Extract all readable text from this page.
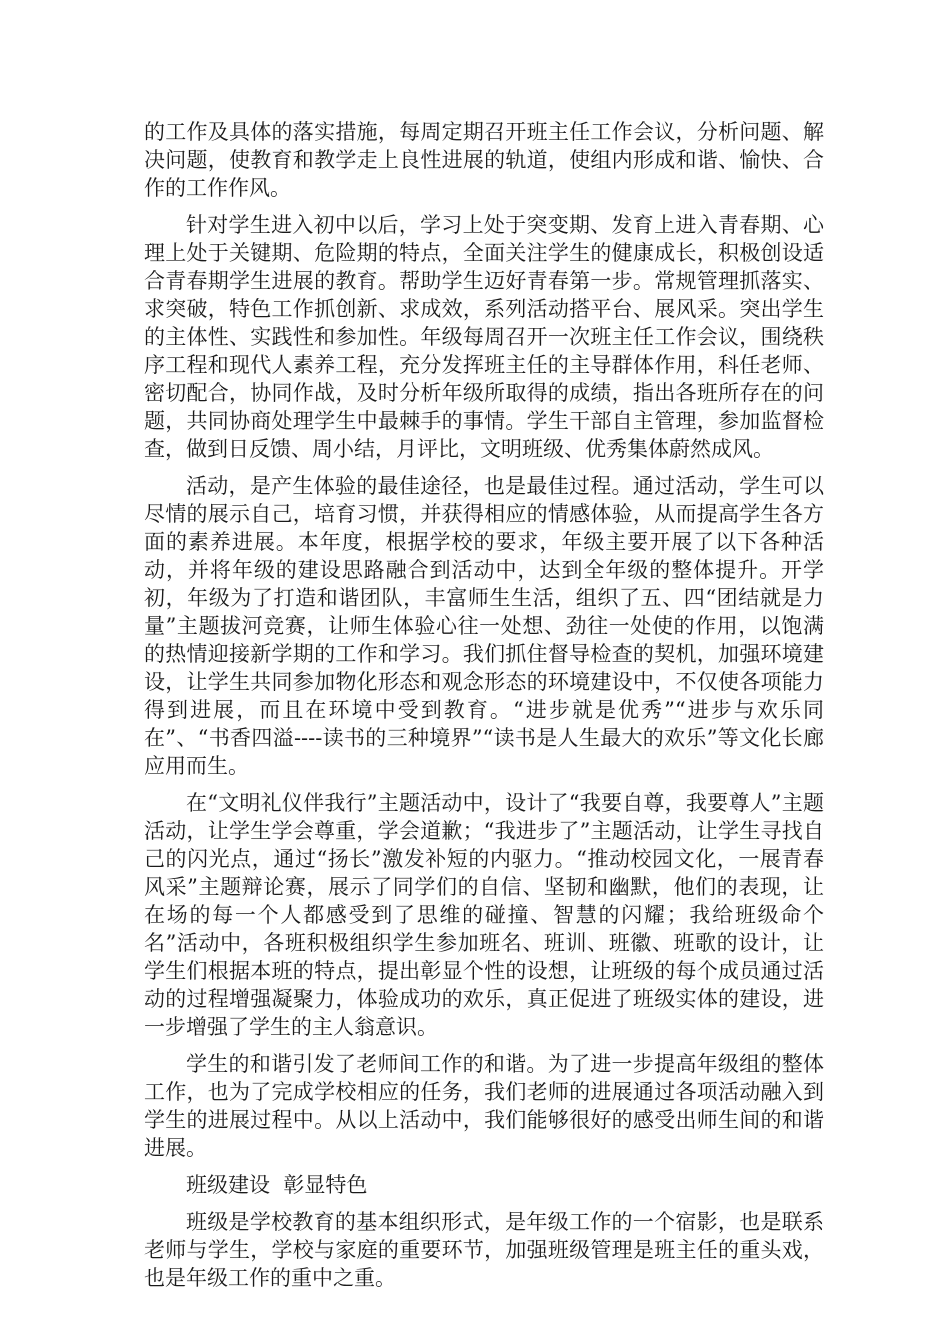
的工作及具体的落实措施，每周定期召开班主任工作会议，分析问题、解决问题，使教育和教学走上良性进展的轨道，使组内形成和谐、愉快、合作的工作作风。

针对学生进入初中以后，学习上处于突变期、发育上进入青春期、心理上处于关键期、危险期的特点，全面关注学生的健康成长，积极创设适合青春期学生进展的教育。帮助学生迈好青春第一步。常规管理抓落实、求突破，特色工作抓创新、求成效，系列活动搭平台、展风采。突出学生的主体性、实践性和参加性。年级每周召开一次班主任工作会议，围绕秩序工程和现代人素养工程，充分发挥班主任的主导群体作用，科任老师、密切配合，协同作战，及时分析年级所取得的成绩，指出各班所存在的问题，共同协商处理学生中最棘手的事情。学生干部自主管理，参加监督检查，做到日反馈、周小结，月评比，文明班级、优秀集体蔚然成风。

活动，是产生体验的最佳途径，也是最佳过程。通过活动，学生可以尽情的展示自己，培育习惯，并获得相应的情感体验，从而提高学生各方面的素养进展。本年度，根据学校的要求，年级主要开展了以下各种活动，并将年级的建设思路融合到活动中，达到全年级的整体提升。开学初，年级为了打造和谐团队，丰富师生生活，组织了五、四“团结就是力量”主题拔河竞赛，让师生体验心往一处想、劲往一处使的作用，以饱满的热情迎接新学期的工作和学习。我们抓住督导检查的契机，加强环境建设，让学生共同参加物化形态和观念形态的环境建设中，不仅使各项能力得到进展，而且在环境中受到教育。“进步就是优秀”“进步与欢乐同在”、“书香四溢----读书的三种境界”“读书是人生最大的欢乐”等文化长廊应用而生。

在“文明礼仪伴我行”主题活动中，设计了“我要自尊，我要尊人”主题活动，让学生学会尊重，学会道歉；“我进步了”主题活动，让学生寻找自己的闪光点，通过“扬长”激发补短的内驱力。“推动校园文化，一展青春风采”主题辩论赛，展示了同学们的自信、坚韧和幽默，他们的表现，让在场的每一个人都感受到了思维的碰撞、智慧的闪耀；我给班级命个名”活动中，各班积极组织学生参加班名、班训、班徽、班歌的设计，让学生们根据本班的特点，提出彰显个性的设想，让班级的每个成员通过活动的过程增强凝聚力，体验成功的欢乐，真正促进了班级实体的建设，进一步增强了学生的主人翁意识。

学生的和谐引发了老师间工作的和谐。为了进一步提高年级组的整体工作，也为了完成学校相应的任务，我们老师的进展通过各项活动融入到学生的进展过程中。从以上活动中，我们能够很好的感受出师生间的和谐进展。

班级建设  彰显特色

班级是学校教育的基本组织形式，是年级工作的一个宿影，也是联系老师与学生，学校与家庭的重要环节，加强班级管理是班主任的重头戏，也是年级工作的重中之重。
